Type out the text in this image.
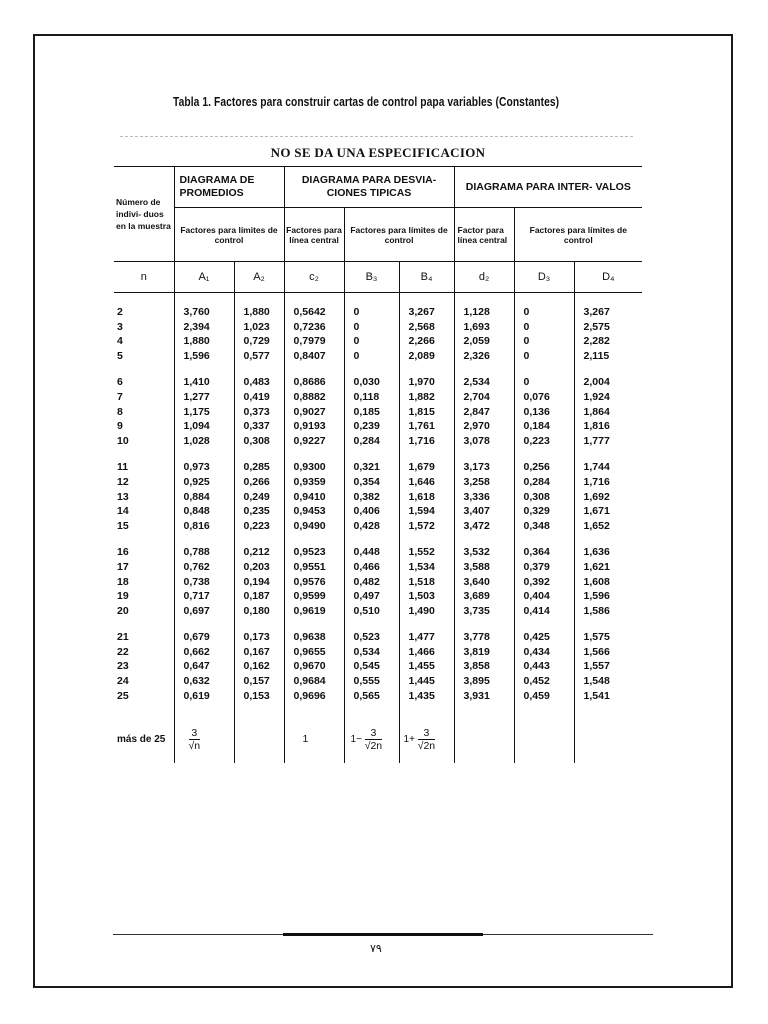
Tabla 1. Factores para construir cartas de control papa variables (Constantes)
NO SE DA UNA ESPECIFICACION
Número de indivi- duos en la muestra	DIAGRAMA DE PROMEDIOS		DIAGRAMA PARA DESVIA- CIONES TIPICAS			DIAGRAMA PARA INTER- VALOS		
	Factores para límites de control		Factores para línea central	Factores para límites de control		Factor para línea central	Factores para límites de control	
n	A₁	A₂	c₂	B₃	B₄	d₂	D₃	D₄

2	3,760	1,880	0,5642	0	3,267	1,128	0	3,267
3	2,394	1,023	0,7236	0	2,568	1,693	0	2,575
4	1,880	0,729	0,7979	0	2,266	2,059	0	2,282
5	1,596	0,577	0,8407	0	2,089	2,326	0	2,115

6	1,410	0,483	0,8686	0,030	1,970	2,534	0	2,004
7	1,277	0,419	0,8882	0,118	1,882	2,704	0,076	1,924
8	1,175	0,373	0,9027	0,185	1,815	2,847	0,136	1,864
9	1,094	0,337	0,9193	0,239	1,761	2,970	0,184	1,816
10	1,028	0,308	0,9227	0,284	1,716	3,078	0,223	1,777

11	0,973	0,285	0,9300	0,321	1,679	3,173	0,256	1,744
12	0,925	0,266	0,9359	0,354	1,646	3,258	0,284	1,716
13	0,884	0,249	0,9410	0,382	1,618	3,336	0,308	1,692
14	0,848	0,235	0,9453	0,406	1,594	3,407	0,329	1,671
15	0,816	0,223	0,9490	0,428	1,572	3,472	0,348	1,652

16	0,788	0,212	0,9523	0,448	1,552	3,532	0,364	1,636
17	0,762	0,203	0,9551	0,466	1,534	3,588	0,379	1,621
18	0,738	0,194	0,9576	0,482	1,518	3,640	0,392	1,608
19	0,717	0,187	0,9599	0,497	1,503	3,689	0,404	1,596
20	0,697	0,180	0,9619	0,510	1,490	3,735	0,414	1,586

21	0,679	0,173	0,9638	0,523	1,477	3,778	0,425	1,575
22	0,662	0,167	0,9655	0,534	1,466	3,819	0,434	1,566
23	0,647	0,162	0,9670	0,545	1,455	3,858	0,443	1,557
24	0,632	0,157	0,9684	0,555	1,445	3,895	0,452	1,548
25	0,619	0,153	0,9696	0,565	1,435	3,931	0,459	1,541

más de 25	$\frac{3}{√n}$		1	$1- \frac{3}{√2n}$	$1+ \frac{3}{√2n}$

٧٩
